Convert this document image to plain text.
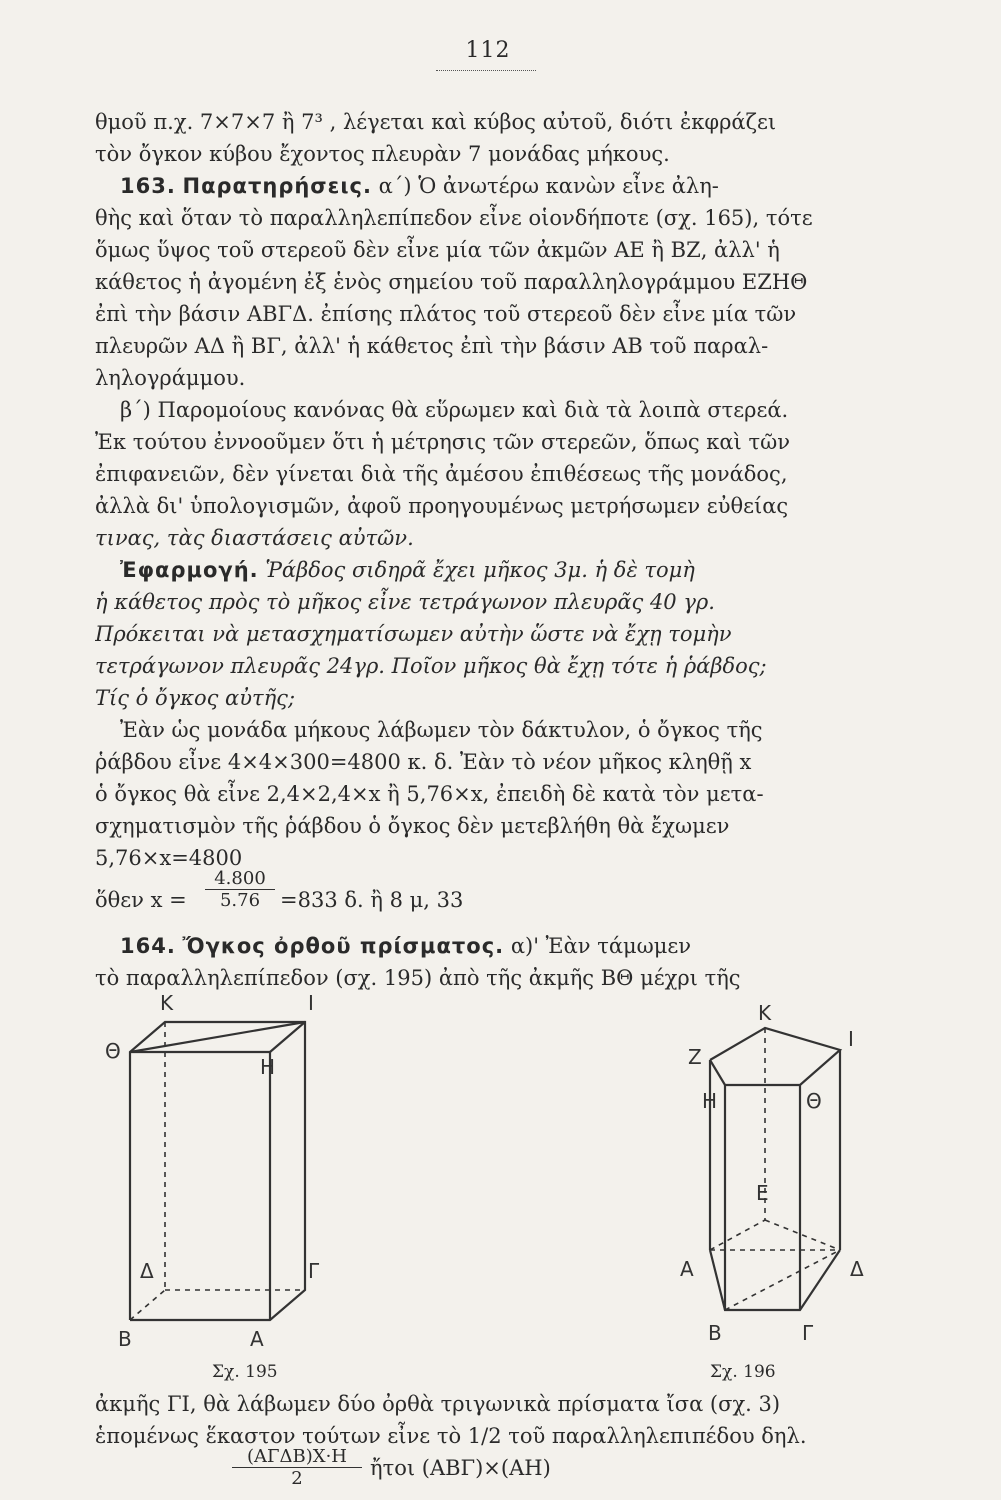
112
θμοῦ π.χ. 7×7×7 ἢ 7³ , λέγεται καὶ κύβος αὐτοῦ, διότι ἐκφράζει
τὸν ὄγκον κύβου ἔχοντος πλευρὰν 7 μονάδας μήκους.
163. Παρατηρήσεις. α´) Ὁ ἀνωτέρω κανὼν εἶνε ἀλη-
θὴς καὶ ὅταν τὸ παραλληλεπίπεδον εἶνε οἱονδήποτε (σχ. 165), τότε
ὅμως ὕψος τοῦ στερεοῦ δὲν εἶνε μία τῶν ἀκμῶν ΑΕ ἢ ΒΖ, ἀλλ' ἡ
κάθετος ἡ ἀγομένη ἐξ ἑνὸς σημείου τοῦ παραλληλογράμμου ΕΖΗΘ
ἐπὶ τὴν βάσιν ΑΒΓΔ. ἐπίσης πλάτος τοῦ στερεοῦ δὲν εἶνε μία τῶν
πλευρῶν ΑΔ ἢ ΒΓ, ἀλλ' ἡ κάθετος ἐπὶ τὴν βάσιν ΑΒ τοῦ παραλ-
ληλογράμμου.
β´) Παρομοίους κανόνας θὰ εὕρωμεν καὶ διὰ τὰ λοιπὰ στερεά.
Ἐκ τούτου ἐννοοῦμεν ὅτι ἡ μέτρησις τῶν στερεῶν, ὅπως καὶ τῶν
ἐπιφανειῶν, δὲν γίνεται διὰ τῆς ἀμέσου ἐπιθέσεως τῆς μονάδος,
ἀλλὰ δι' ὑπολογισμῶν, ἀφοῦ προηγουμένως μετρήσωμεν εὐθείας
τινας, τὰς διαστάσεις αὐτῶν.
Ἐφαρμογή. Ῥάβδος σιδηρᾶ ἔχει μῆκος 3μ. ἡ δὲ τομὴ
ἡ κάθετος πρὸς τὸ μῆκος εἶνε τετράγωνον πλευρᾶς 40 γρ.
Πρόκειται νὰ μετασχηματίσωμεν αὐτὴν ὥστε νὰ ἔχῃ τομὴν
τετράγωνον πλευρᾶς 24γρ. Ποῖον μῆκος θὰ ἔχῃ τότε ἡ ῥάβδος;
Τίς ὁ ὄγκος αὐτῆς;
Ἐὰν ὡς μονάδα μήκους λάβωμεν τὸν δάκτυλον, ὁ ὄγκος τῆς
ῥάβδου εἶνε 4×4×300=4800 κ. δ. Ἐὰν τὸ νέον μῆκος κληθῇ x
ὁ ὄγκος θὰ εἶνε 2,4×2,4×x ἢ 5,76×x, ἐπειδὴ δὲ κατὰ τὸν μετα-
σχηματισμὸν τῆς ῥάβδου ὁ ὄγκος δὲν μετεβλήθη θὰ ἔχωμεν
5,76×x=4800
ὅθεν x =	$\frac{4.800}{5.76} =833$ δ. ἢ 8 μ, 33
164. Ὄγκος ὀρθοῦ πρίσματος. α)' Ἐὰν τάμωμεν
τὸ παραλληλεπίπεδον (σχ. 195) ἀπὸ τῆς ἀκμῆς ΒΘ μέχρι τῆς
Κ	Ι
Θ
Η
Δ	Γ
Β	Α
Σχ. 195
Κ
Ζ
Ι
Η	Θ
Ε
Α	Δ
Β	Γ
Σχ. 196
ἀκμῆς ΓΙ, θὰ λάβωμεν δύο ὀρθὰ τριγωνικὰ πρίσματα ἴσα (σχ. 3)
ἑπομένως ἕκαστον τούτων εἶνε τὸ 1/2 τοῦ παραλληλεπιπέδου δηλ.
(ΑΓΔΒ)Χ·Η
2	ἤτοι (ΑΒΓ)×(ΑΗ)
